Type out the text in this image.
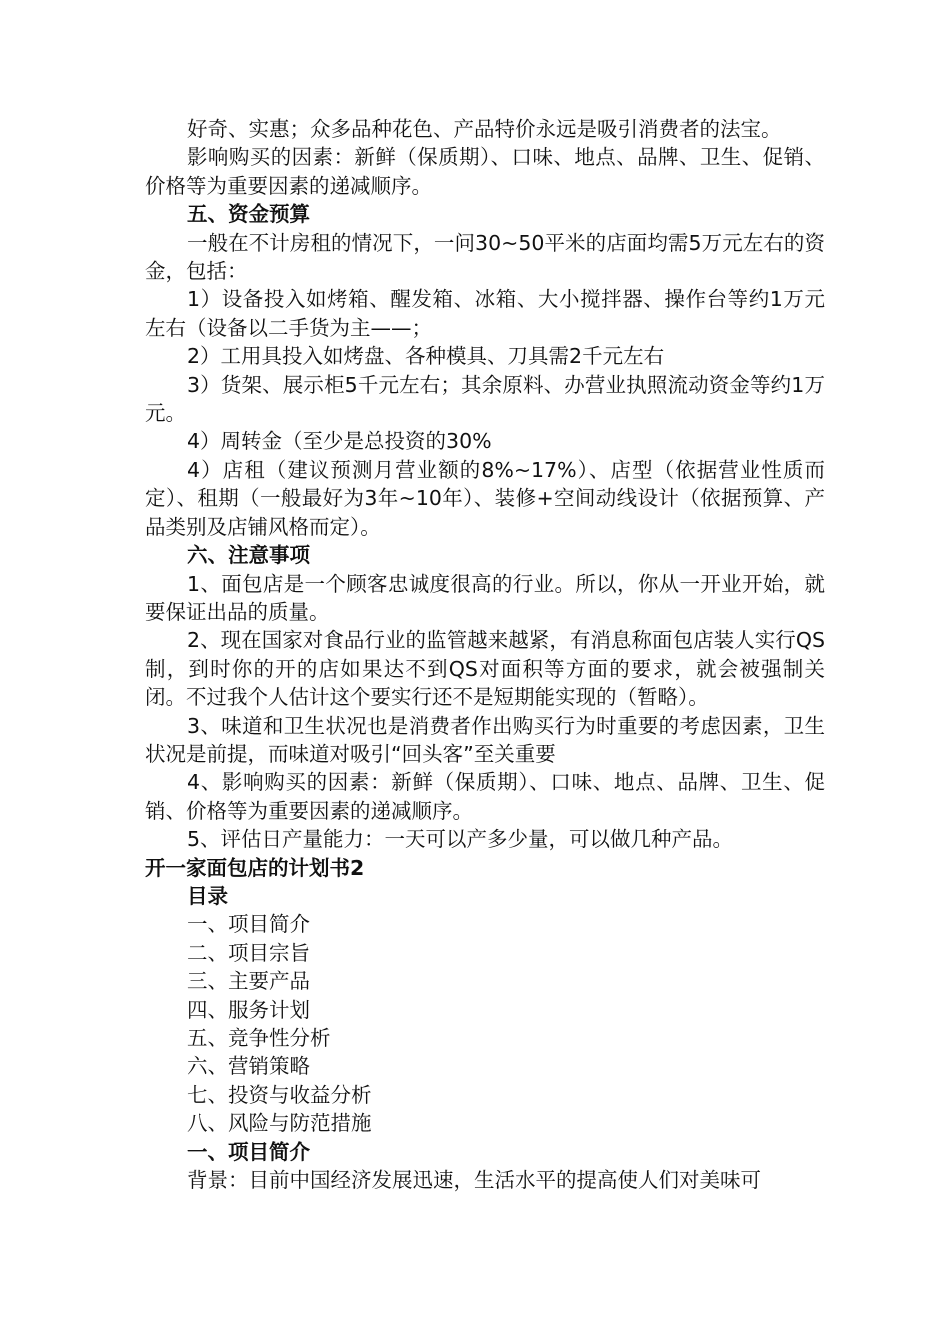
好奇、实惠；众多品种花色、产品特价永远是吸引消费者的法宝。

影响购买的因素：新鲜（保质期）、口味、地点、品牌、卫生、促销、价格等为重要因素的递减顺序。

五、资金预算

一般在不计房租的情况下，一问30~50平米的店面均需5万元左右的资金，包括：

1）设备投入如烤箱、醒发箱、冰箱、大小搅拌器、操作台等约1万元左右（设备以二手货为主——；

2）工用具投入如烤盘、各种模具、刀具需2千元左右

3）货架、展示柜5千元左右；其余原料、办营业执照流动资金等约1万元。

4）周转金（至少是总投资的30%

4）店租（建议预测月营业额的8%~17%）、店型（依据营业性质而定）、租期（一般最好为3年~10年）、装修+空间动线设计（依据预算、产品类别及店铺风格而定）。

六、注意事项

1、面包店是一个顾客忠诚度很高的行业。所以，你从一开业开始，就要保证出品的质量。

2、现在国家对食品行业的监管越来越紧，有消息称面包店装人实行QS制，到时你的开的店如果达不到QS对面积等方面的要求，就会被强制关闭。不过我个人估计这个要实行还不是短期能实现的（暂略）。

3、味道和卫生状况也是消费者作出购买行为时重要的考虑因素，卫生状况是前提，而味道对吸引“回头客”至关重要

4、影响购买的因素：新鲜（保质期）、口味、地点、品牌、卫生、促销、价格等为重要因素的递减顺序。

5、评估日产量能力：一天可以产多少量，可以做几种产品。

开一家面包店的计划书2

目录

一、项目简介

二、项目宗旨

三、主要产品

四、服务计划

五、竞争性分析

六、营销策略

七、投资与收益分析

八、风险与防范措施

一、项目简介

背景：目前中国经济发展迅速，生活水平的提高使人们对美味可
